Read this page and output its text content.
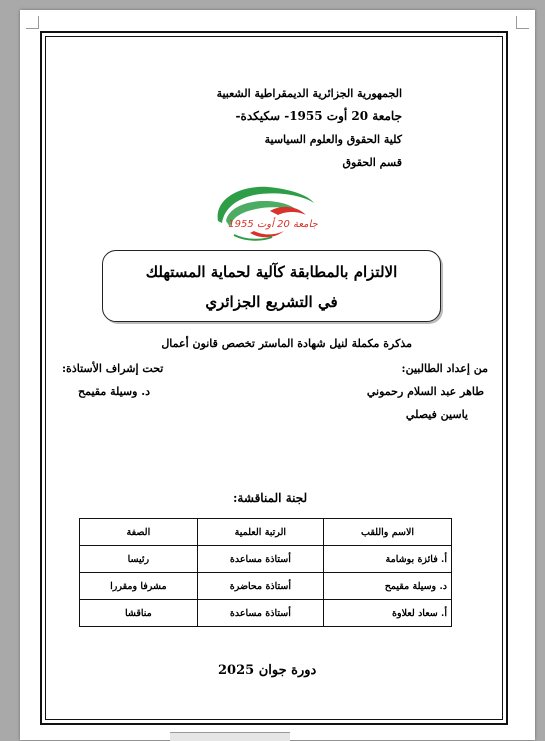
الجمهورية الجزائرية الديمقراطية الشعبية
جامعة 20 أوت 1955- سكيكدة-
كلية الحقوق والعلوم السياسية
قسم الحقوق
جامعة 20 أوت 1955
الالتزام بالمطابقة كآلية لحماية المستهلك
في التشريع الجزائري
مذكرة مكملة لنيل شهادة الماستر تخصص قانون أعمال
من إعداد الطالبين:
طاهر عبد السلام رحموني
ياسين فيصلي
تحت إشراف الأستاذة:
د. وسيلة مقيمح
لجنة المناقشة:
الاسم واللقب	الرتبة العلمية	الصفة
أ. فائزة بوشامة	أستاذة مساعدة	رئيسا
د. وسيلة مقيمح	أستاذة محاضرة	مشرفا ومقررا
أ. سعاد لعلاوة	أستاذة مساعدة	مناقشا
دورة جوان 2025
